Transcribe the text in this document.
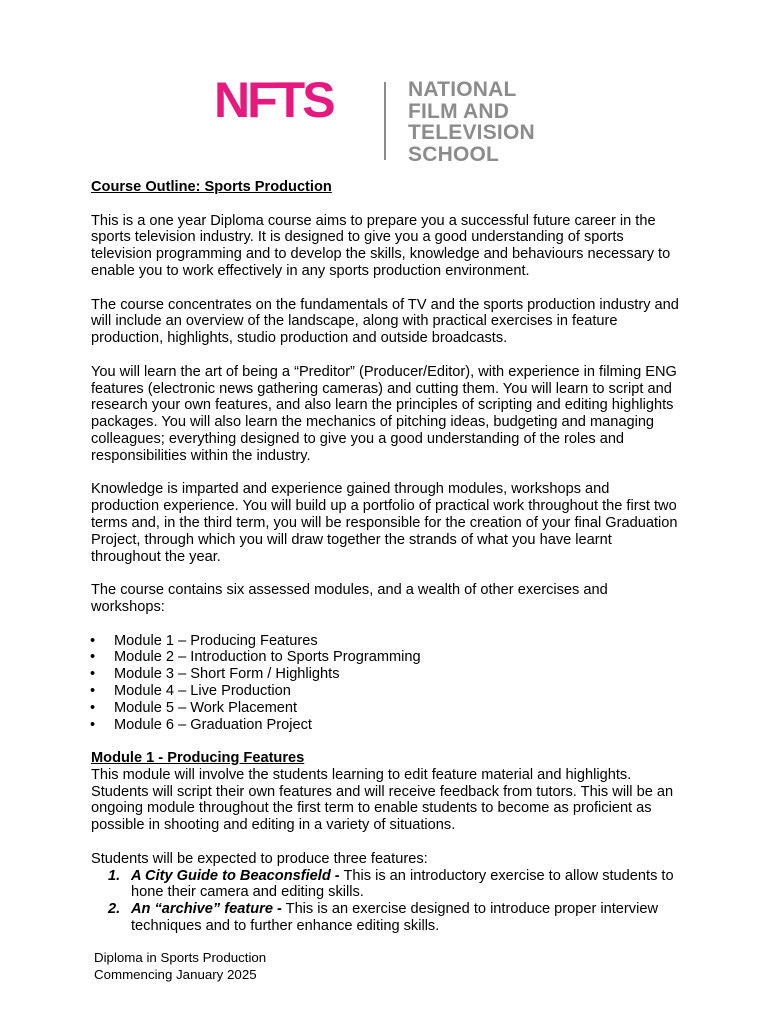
NFTS	NATIONAL
FILM AND
TELEVISION
SCHOOL

Course Outline: Sports Production

This is a one year Diploma course aims to prepare you a successful future career in the sports television industry. It is designed to give you a good understanding of sports television programming and to develop the skills, knowledge and behaviours necessary to enable you to work effectively in any sports production environment.

The course concentrates on the fundamentals of TV and the sports production industry and will include an overview of the landscape, along with practical exercises in feature production, highlights, studio production and outside broadcasts.

You will learn the art of being a “Preditor” (Producer/Editor), with experience in filming ENG features (electronic news gathering cameras) and cutting them. You will learn to script and research your own features, and also learn the principles of scripting and editing highlights packages. You will also learn the mechanics of pitching ideas, budgeting and managing colleagues; everything designed to give you a good understanding of the roles and responsibilities within the industry.

Knowledge is imparted and experience gained through modules, workshops and production experience. You will build up a portfolio of practical work throughout the first two terms and, in the third term, you will be responsible for the creation of your final Graduation Project, through which you will draw together the strands of what you have learnt throughout the year.

The course contains six assessed modules, and a wealth of other exercises and workshops:

• Module 1 – Producing Features
• Module 2 – Introduction to Sports Programming
• Module 3 – Short Form / Highlights
• Module 4 – Live Production
• Module 5 – Work Placement
• Module 6 – Graduation Project

Module 1 - Producing Features

This module will involve the students learning to edit feature material and highlights. Students will script their own features and will receive feedback from tutors. This will be an ongoing module throughout the first term to enable students to become as proficient as possible in shooting and editing in a variety of situations.

Students will be expected to produce three features:

1. A City Guide to Beaconsfield - This is an introductory exercise to allow students to hone their camera and editing skills.
2. An “archive” feature - This is an exercise designed to introduce proper interview techniques and to further enhance editing skills.
Diploma in Sports Production
Commencing January 2025
